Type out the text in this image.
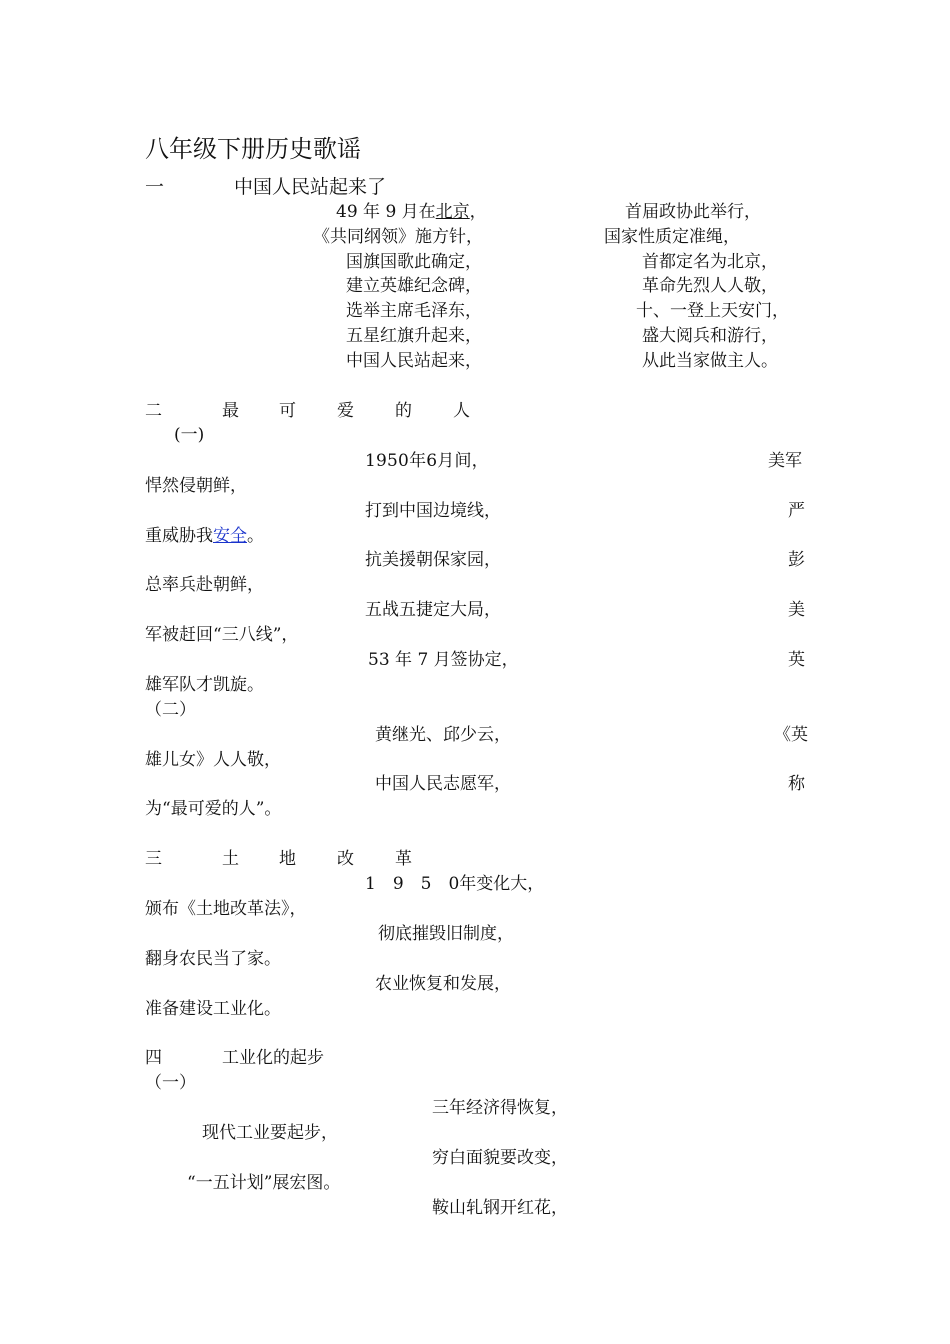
八年级下册历史歌谣
一	中国人民站起来了
49 年 9 月在北京，	首届政协此举行，
《共同纲领》施方针，	国家性质定准绳，
国旗国歌此确定，	首都定名为北京，
建立英雄纪念碑，	革命先烈人人敬，
选举主席毛泽东，	十、一登上天安门，
五星红旗升起来，	盛大阅兵和游行，
中国人民站起来，	从此当家做主人。
二	最 可 爱 的 人
(一)
1950年6月间，	美军
悍然侵朝鲜，
打到中国边境线，	严
重威胁我安全。
抗美援朝保家园，	彭
总率兵赴朝鲜，
五战五捷定大局，	美
军被赶回“三八线”，
53 年 7 月签协定，	英
雄军队才凯旋。
（二）
黄继光、邱少云，	《英
雄儿女》人人敬，
中国人民志愿军，	称
为“最可爱的人”。
三	土 地 改 革
1　9　5　0年变化大，
颁布《土地改革法》，
彻底摧毁旧制度，
翻身农民当了家。
农业恢复和发展，
准备建设工业化。
四	工业化的起步
（一）
三年经济得恢复，
现代工业要起步，
穷白面貌要改变，
“一五计划”展宏图。
鞍山轧钢开红花，
